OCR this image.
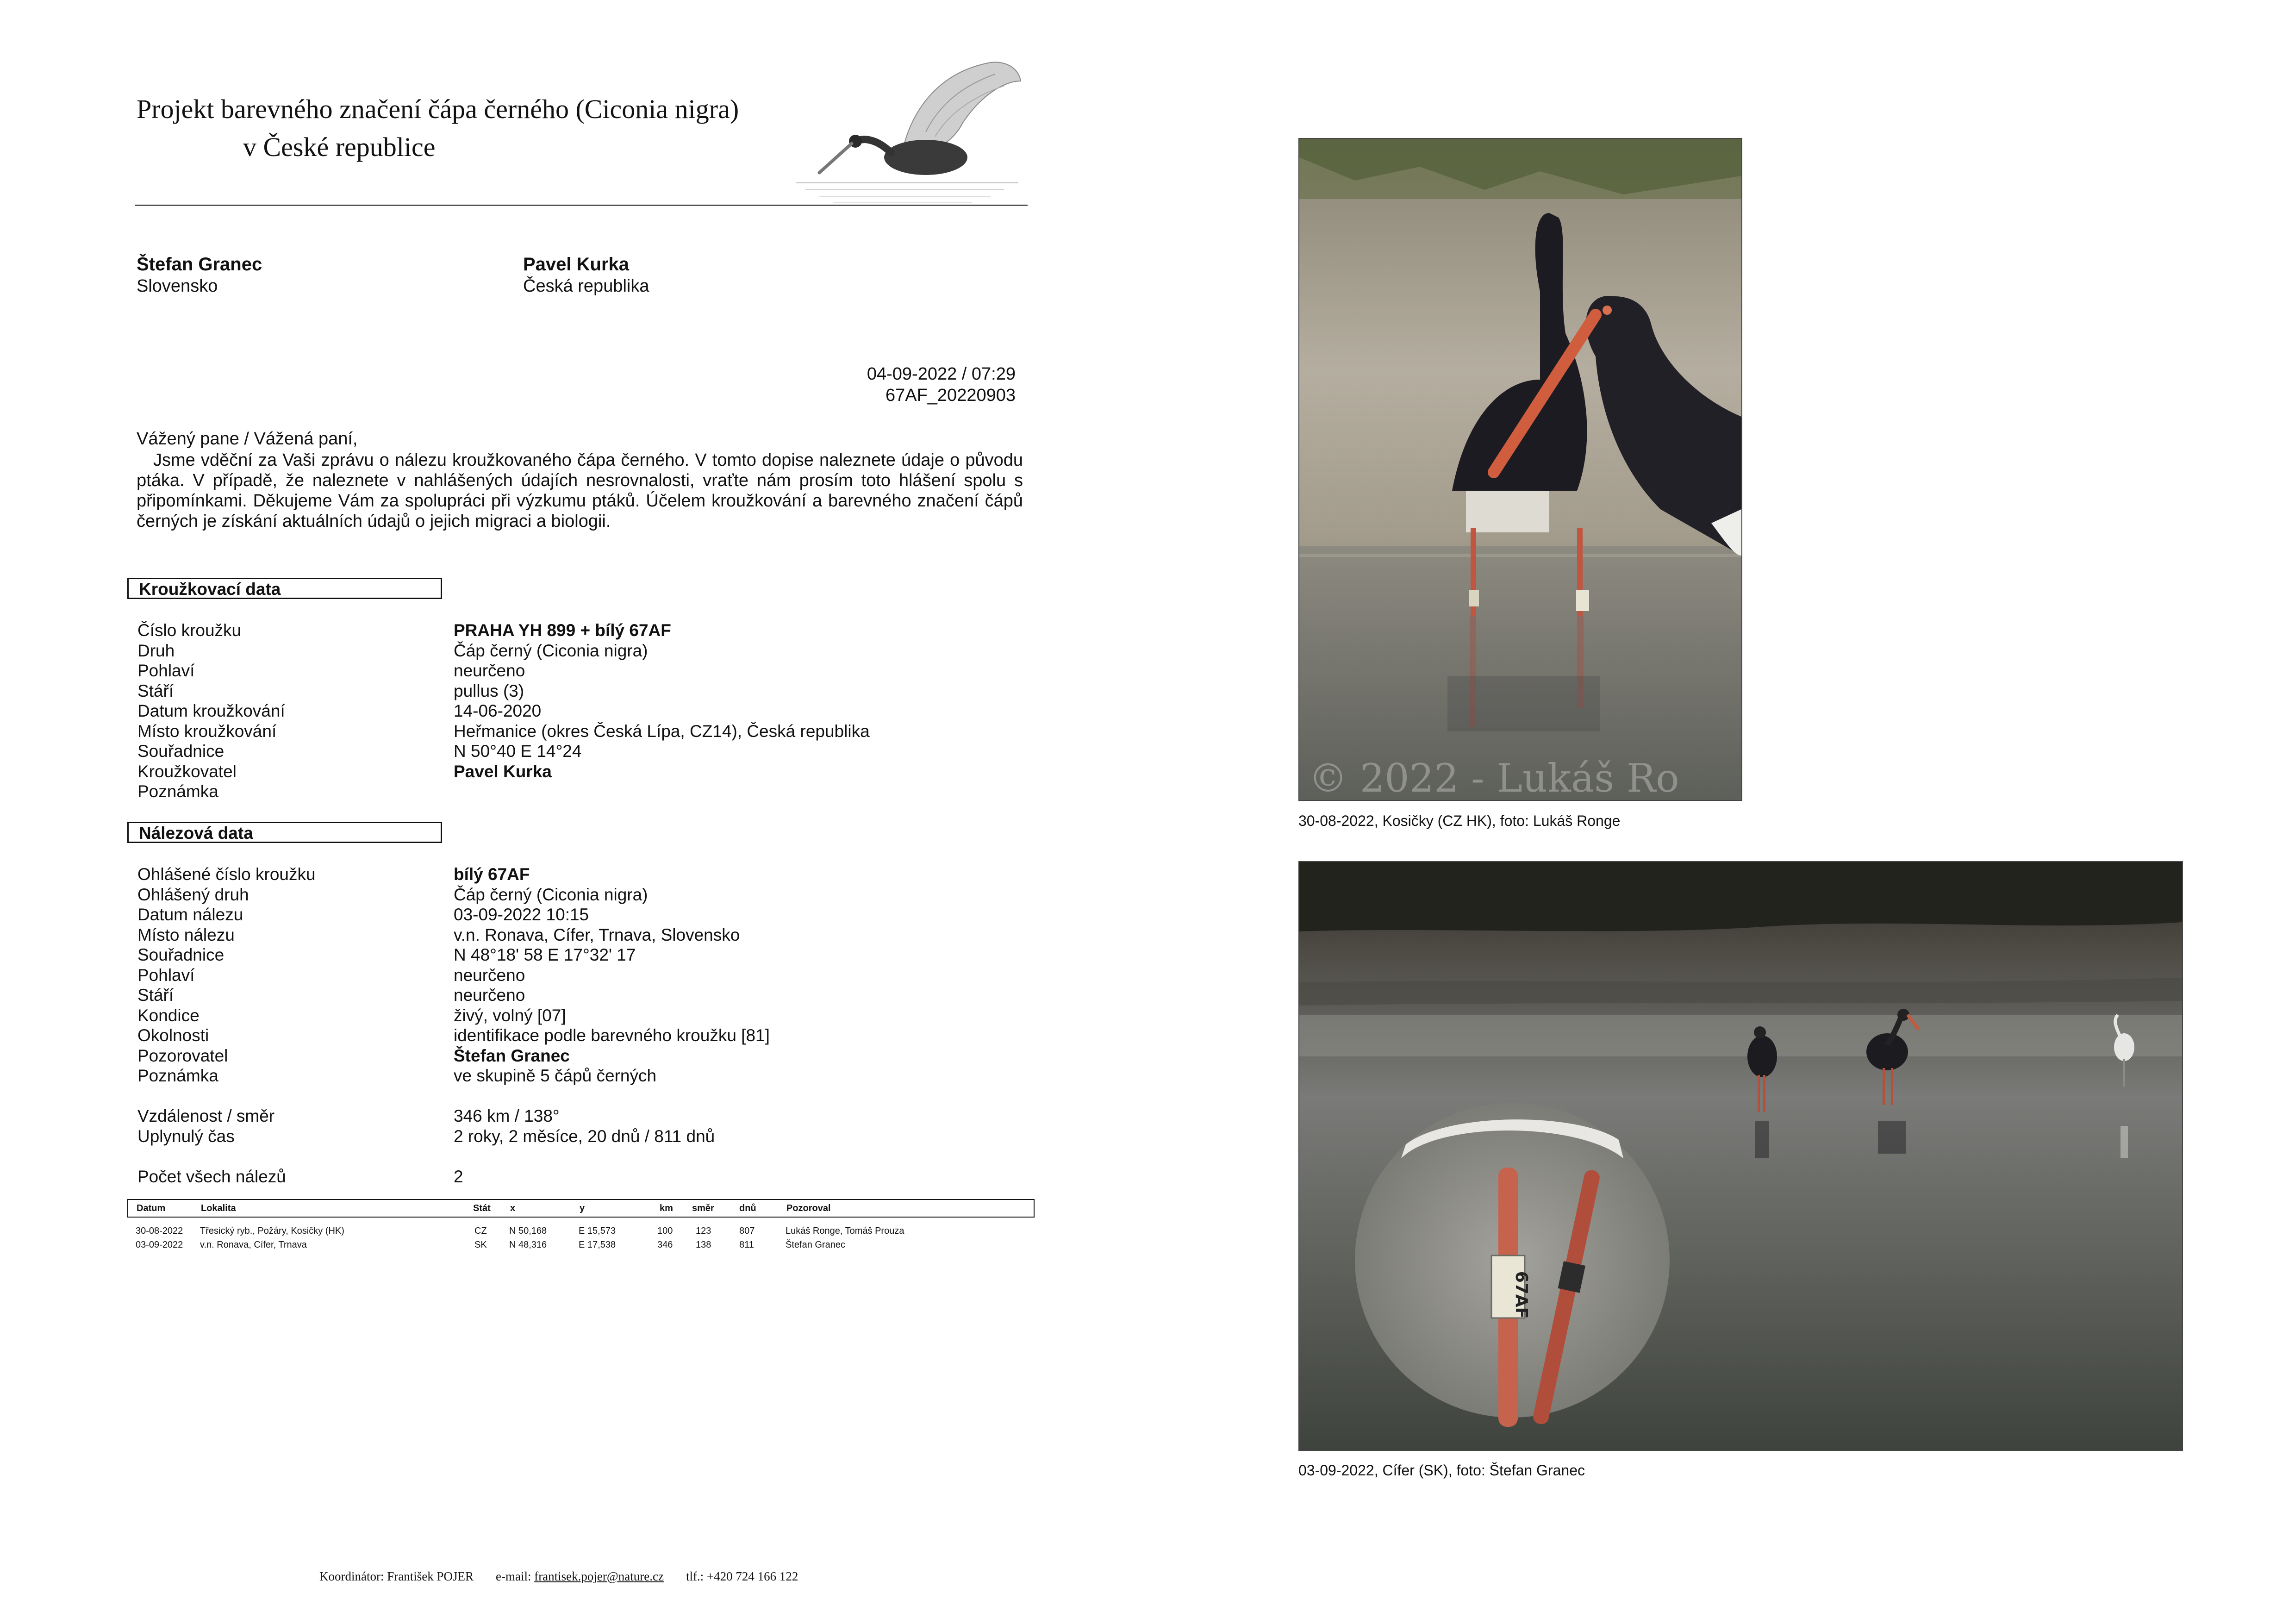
Projekt barevného značení čápa černého (Ciconia nigra)
v České republice
Štefan Granec
Slovensko
Pavel Kurka
Česká republika
04-09-2022 / 07:29
67AF_20220903
Vážený pane / Vážená paní,
Jsme vděční za Vaši zprávu o nálezu kroužkovaného čápa černého. V tomto dopise naleznete údaje o původu ptáka. V případě, že naleznete v nahlášených údajích nesrovnalosti, vraťte nám prosím toto hlášení spolu s připomínkami. Děkujeme Vám za spolupráci při výzkumu ptáků. Účelem kroužkování a barevného značení čápů černých je získání aktuálních údajů o jejich migraci a biologii.
Kroužkovací data
Číslo kroužku	PRAHA YH 899 + bílý 67AF
Druh	Čáp černý (Ciconia nigra)
Pohlaví	neurčeno
Stáří	pullus (3)
Datum kroužkování	14-06-2020
Místo kroužkování	Heřmanice (okres Česká Lípa, CZ14), Česká republika
Souřadnice	N 50°40 E 14°24
Kroužkovatel	Pavel Kurka
Poznámka
Nálezová data
Ohlášené číslo kroužku	bílý 67AF
Ohlášený druh	Čáp černý (Ciconia nigra)
Datum nálezu	03-09-2022 10:15
Místo nálezu	v.n. Ronava, Cífer, Trnava, Slovensko
Souřadnice	N 48°18' 58 E 17°32' 17
Pohlaví	neurčeno
Stáří	neurčeno
Kondice	živý, volný [07]
Okolnosti	identifikace podle barevného kroužku [81]
Pozorovatel	Štefan Granec
Poznámka	ve skupině 5 čápů černých
Vzdálenost / směr	346 km / 138°
Uplynulý čas	2 roky, 2 měsíce, 20 dnů / 811 dnů
Počet všech nálezů	2
Datum	Lokalita	Stát x	y	km směr	dnů	Pozoroval
30-08-2022 Třesický ryb., Požáry, Kosičky (HK)	CZ N 50,168	E 15,573	100 123	807	Lukáš Ronge, Tomáš Prouza
03-09-2022 v.n. Ronava, Cífer, Trnava	SK N 48,316	E 17,538	346 138	811	Štefan Granec
© 2022 - Lukáš Ro
30-08-2022, Kosičky (CZ HK), foto: Lukáš Ronge
67AF
03-09-2022, Cífer (SK), foto: Štefan Granec
Koordinátor: František POJER e-mail: frantisek.pojer@nature.cz tlf.: +420 724 166 122
